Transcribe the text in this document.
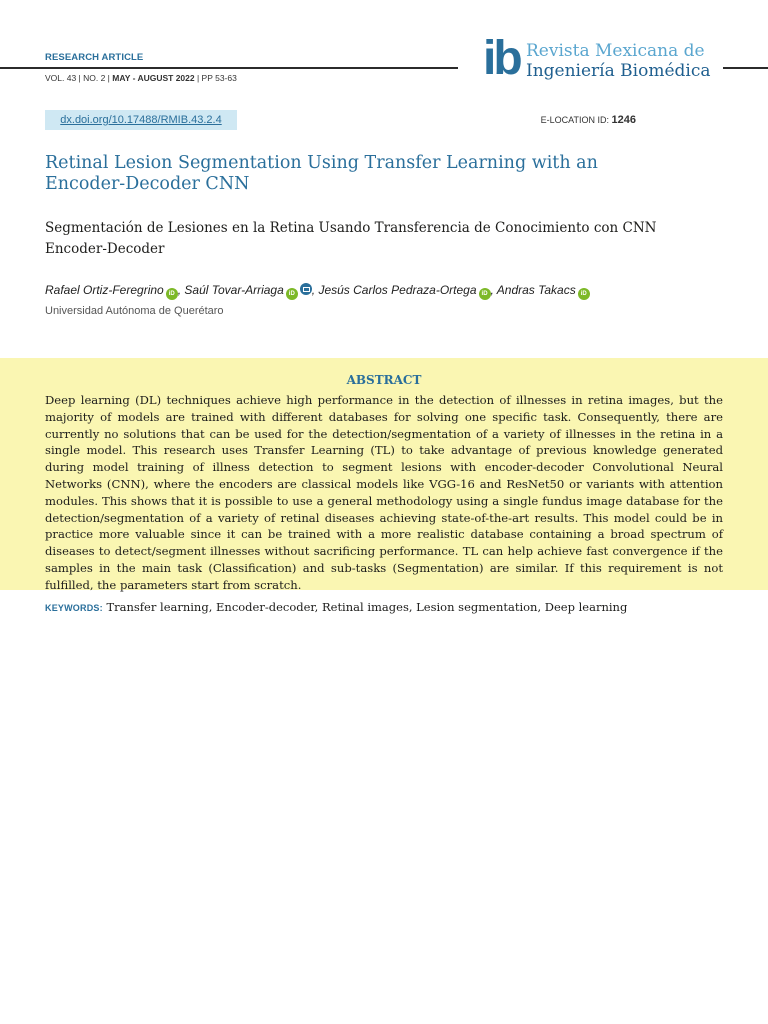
RESEARCH ARTICLE
VOL. 43 | NO. 2 | MAY - AUGUST 2022 | PP 53-63	ib Revista Mexicana de
Ingeniería Biomédica
dx.doi.org/10.17488/RMIB.43.2.4	E-LOCATION ID: 1246
Retinal Lesion Segmentation Using Transfer Learning with an Encoder-Decoder CNN
Segmentación de Lesiones en la Retina Usando Transferencia de Conocimiento con CNN Encoder-Decoder
Rafael Ortiz-Feregrino iD , Saúl Tovar-Arriaga iD , Jesús Carlos Pedraza-Ortega iD , Andras Takacs iD
Universidad Autónoma de Querétaro
ABSTRACT
Deep learning (DL) techniques achieve high performance in the detection of illnesses in retina images, but the majority of models are trained with different databases for solving one specific task. Consequently, there are currently no solutions that can be used for the detection/segmentation of a variety of illnesses in the retina in a single model. This research uses Transfer Learning (TL) to take advantage of previous knowledge generated during model training of illness detection to segment lesions with encoder-decoder Convolutional Neural Networks (CNN), where the encoders are classical models like VGG-16 and ResNet50 or variants with attention modules. This shows that it is possible to use a general methodology using a single fundus image database for the detection/segmentation of a variety of retinal diseases achieving state-of-the-art results. This model could be in practice more valuable since it can be trained with a more realistic database containing a broad spectrum of diseases to detect/segment illnesses without sacrificing performance. TL can help achieve fast convergence if the samples in the main task (Classification) and sub-tasks (Segmentation) are similar. If this requirement is not fulfilled, the parameters start from scratch.
KEYWORDS: Transfer learning, Encoder-decoder, Retinal images, Lesion segmentation, Deep learning
